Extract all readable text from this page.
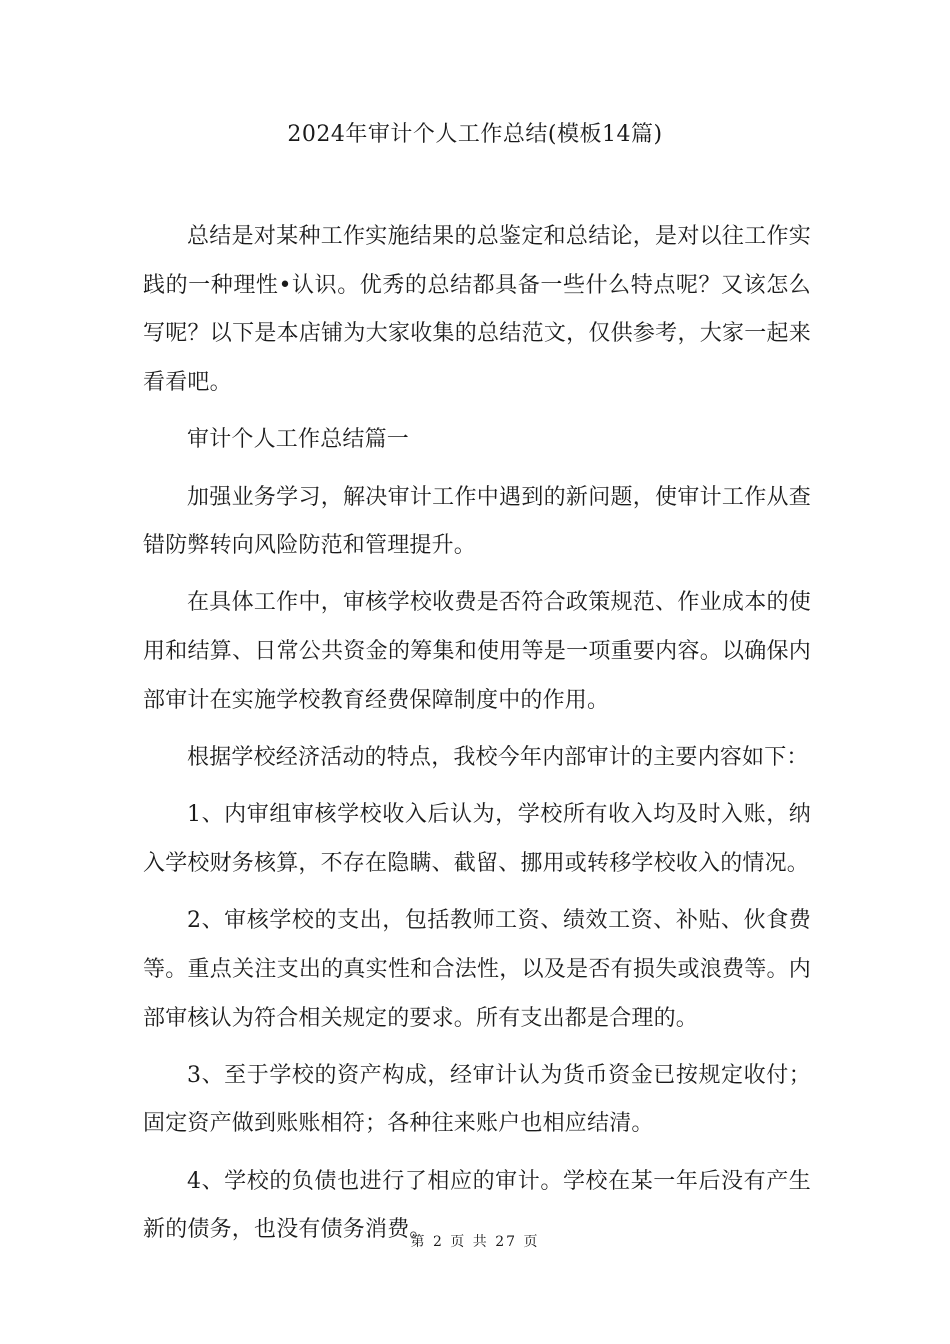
2024年审计个人工作总结(模板14篇)

总结是对某种工作实施结果的总鉴定和总结论，是对以往工作实践的一种理性•认识。优秀的总结都具备一些什么特点呢？又该怎么写呢？以下是本店铺为大家收集的总结范文，仅供参考，大家一起来看看吧。

审计个人工作总结篇一

加强业务学习，解决审计工作中遇到的新问题，使审计工作从查错防弊转向风险防范和管理提升。

在具体工作中，审核学校收费是否符合政策规范、作业成本的使用和结算、日常公共资金的筹集和使用等是一项重要内容。以确保内部审计在实施学校教育经费保障制度中的作用。

根据学校经济活动的特点，我校今年内部审计的主要内容如下：

1、内审组审核学校收入后认为，学校所有收入均及时入账，纳入学校财务核算，不存在隐瞒、截留、挪用或转移学校收入的情况。

2、审核学校的支出，包括教师工资、绩效工资、补贴、伙食费等。重点关注支出的真实性和合法性，以及是否有损失或浪费等。内部审核认为符合相关规定的要求。所有支出都是合理的。

3、至于学校的资产构成，经审计认为货币资金已按规定收付；固定资产做到账账相符；各种往来账户也相应结清。

4、学校的负债也进行了相应的审计。学校在某一年后没有产生新的债务，也没有债务消费。

第 2 页 共 27 页
